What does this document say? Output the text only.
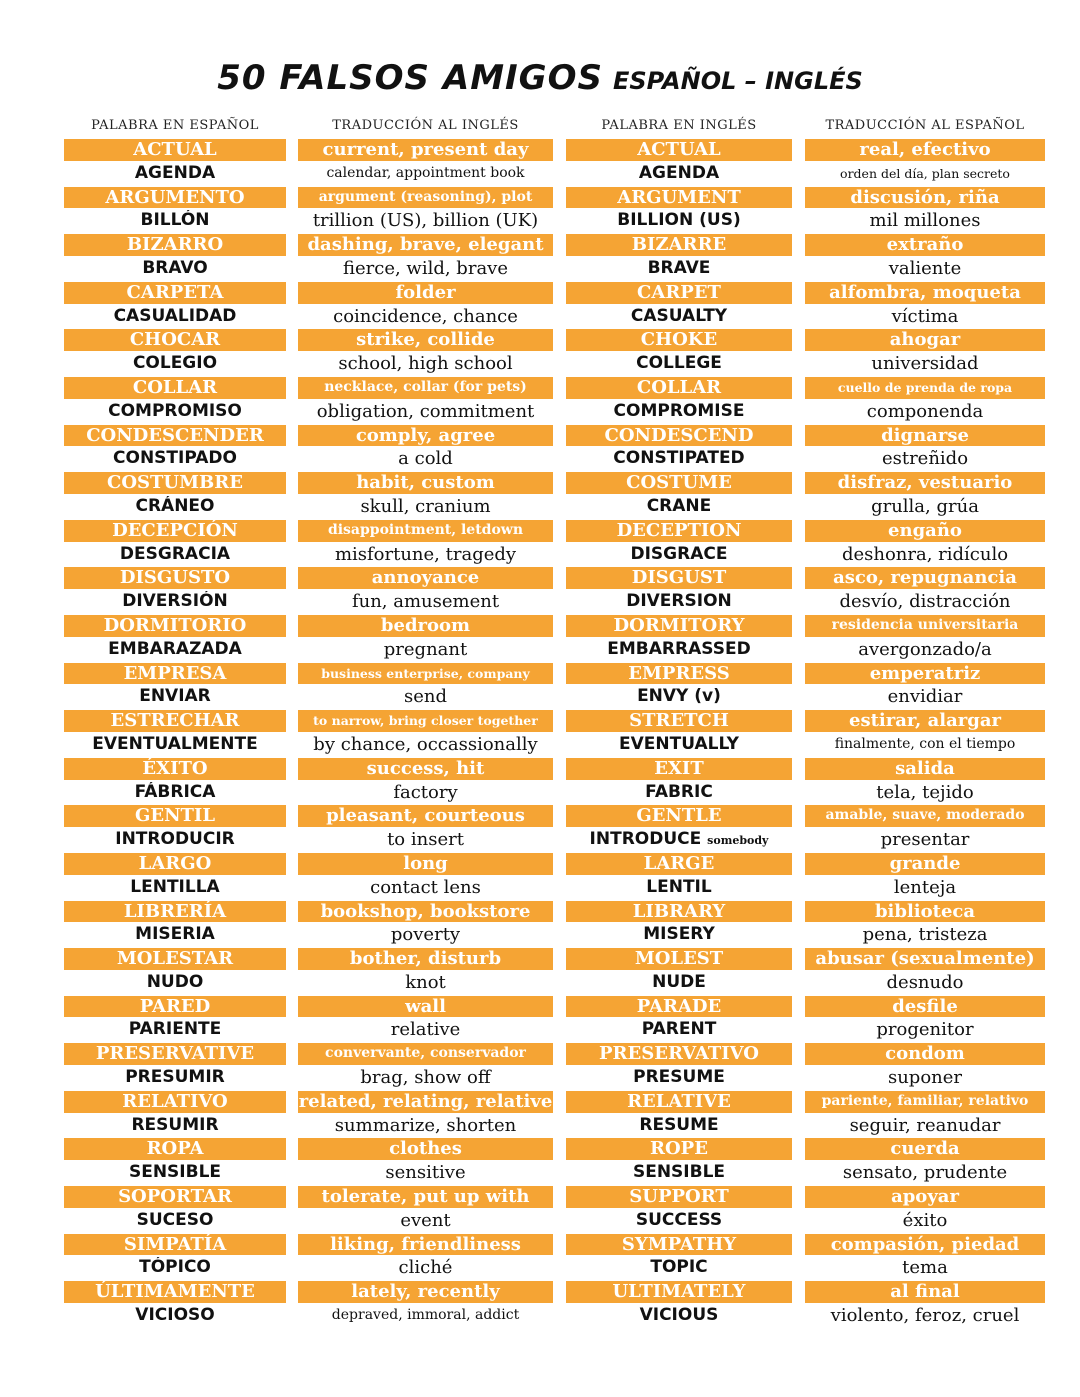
50 FALSOS AMIGOS ESPAÑOL – INGLÉS
PALABRA EN ESPAÑOL	TRADUCCIÓN AL INGLÉS	PALABRA EN INGLÉS	TRADUCCIÓN AL ESPAÑOL
ACTUAL	current, present day	ACTUAL	real, efectivo
AGENDA	calendar, appointment book	AGENDA	orden del día, plan secreto
ARGUMENTO	argument (reasoning), plot	ARGUMENT	discusión, riña
BILLÓN	trillion (US), billion (UK)	BILLION (US)	mil millones
BIZARRO	dashing, brave, elegant	BIZARRE	extraño
BRAVO	fierce, wild, brave	BRAVE	valiente
CARPETA	folder	CARPET	alfombra, moqueta
CASUALIDAD	coincidence, chance	CASUALTY	víctima
CHOCAR	strike, collide	CHOKE	ahogar
COLEGIO	school, high school	COLLEGE	universidad
COLLAR	necklace, collar (for pets)	COLLAR	cuello de prenda de ropa
COMPROMISO	obligation, commitment	COMPROMISE	componenda
CONDESCENDER	comply, agree	CONDESCEND	dignarse
CONSTIPADO	a cold	CONSTIPATED	estreñido
COSTUMBRE	habit, custom	COSTUME	disfraz, vestuario
CRÁNEO	skull, cranium	CRANE	grulla, grúa
DECEPCIÓN	disappointment, letdown	DECEPTION	engaño
DESGRACIA	misfortune, tragedy	DISGRACE	deshonra, ridículo
DISGUSTO	annoyance	DISGUST	asco, repugnancia
DIVERSIÓN	fun, amusement	DIVERSION	desvío, distracción
DORMITORIO	bedroom	DORMITORY	residencia universitaria
EMBARAZADA	pregnant	EMBARRASSED	avergonzado/a
EMPRESA	business enterprise, company	EMPRESS	emperatriz
ENVIAR	send	ENVY (v)	envidiar
ESTRECHAR	to narrow, bring closer together	STRETCH	estirar, alargar
EVENTUALMENTE	by chance, occassionally	EVENTUALLY	finalmente, con el tiempo
ÉXITO	success, hit	EXIT	salida
FÁBRICA	factory	FABRIC	tela, tejido
GENTIL	pleasant, courteous	GENTLE	amable, suave, moderado
INTRODUCIR	to insert	INTRODUCE somebody	presentar
LARGO	long	LARGE	grande
LENTILLA	contact lens	LENTIL	lenteja
LIBRERÍA	bookshop, bookstore	LIBRARY	biblioteca
MISERIA	poverty	MISERY	pena, tristeza
MOLESTAR	bother, disturb	MOLEST	abusar (sexualmente)
NUDO	knot	NUDE	desnudo
PARED	wall	PARADE	desfile
PARIENTE	relative	PARENT	progenitor
PRESERVATIVE	convervante, conservador	PRESERVATIVO	condom
PRESUMIR	brag, show off	PRESUME	suponer
RELATIVO	related, relating, relative	RELATIVE	pariente, familiar, relativo
RESUMIR	summarize, shorten	RESUME	seguir, reanudar
ROPA	clothes	ROPE	cuerda
SENSIBLE	sensitive	SENSIBLE	sensato, prudente
SOPORTAR	tolerate, put up with	SUPPORT	apoyar
SUCESO	event	SUCCESS	éxito
SIMPATÍA	liking, friendliness	SYMPATHY	compasión, piedad
TÓPICO	cliché	TOPIC	tema
ÚLTIMAMENTE	lately, recently	ULTIMATELY	al final
VICIOSO	depraved, immoral, addict	VICIOUS	violento, feroz, cruel
